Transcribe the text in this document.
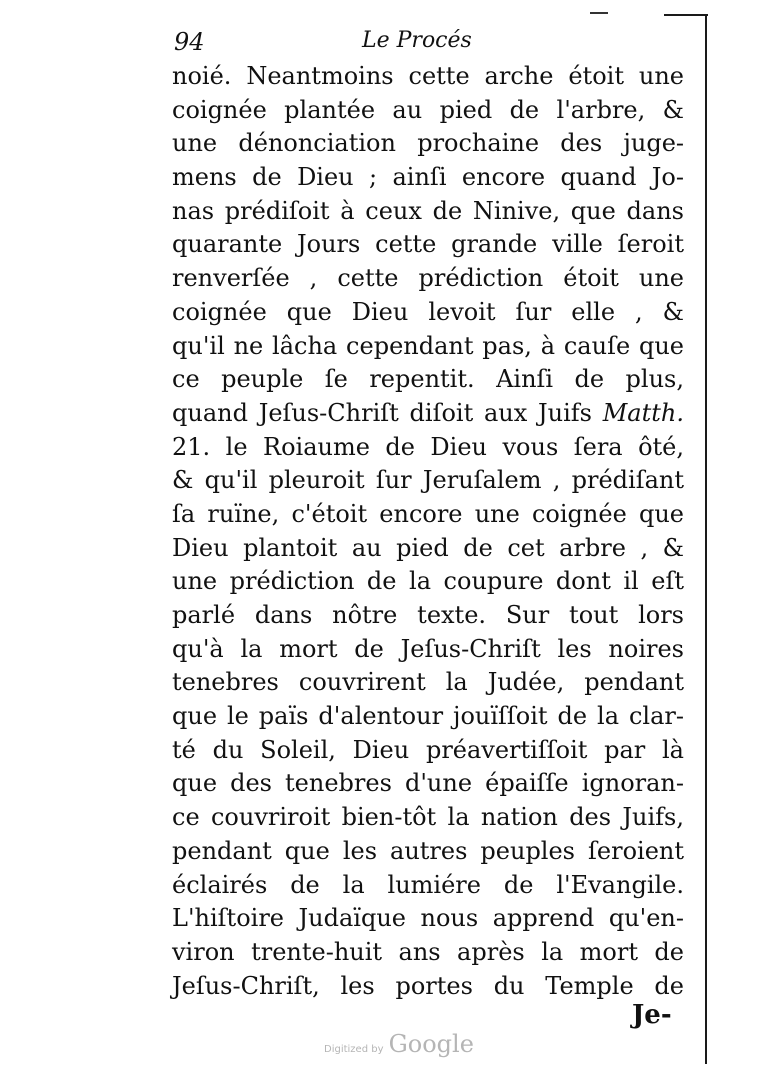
94	Le Procés
noié. Neantmoins cette arche étoit une
coignée plantée au pied de l'arbre, &
une dénonciation prochaine des juge-
mens de Dieu ; ainſi encore quand Jo-
nas prédiſoit à ceux de Ninive, que dans
quarante Jours cette grande ville ſeroit
renverſée , cette prédiction étoit une
coignée que Dieu levoit ſur elle , &
qu'il ne lâcha cependant pas, à cauſe que
ce peuple ſe repentit. Ainſi de plus,
quand Jeſus-Chriſt diſoit aux Juifs Matth.
21. le Roiaume de Dieu vous ſera ôté,
& qu'il pleuroit ſur Jeruſalem , prédiſant
ſa ruïne, c'étoit encore une coignée que
Dieu plantoit au pied de cet arbre , &
une prédiction de la coupure dont il eſt
parlé dans nôtre texte. Sur tout lors
qu'à la mort de Jeſus-Chriſt les noires
tenebres couvrirent la Judée, pendant
que le païs d'alentour jouïſſoit de la clar-
té du Soleil, Dieu préavertiſſoit par là
que des tenebres d'une épaiſſe ignoran-
ce couvriroit bien-tôt la nation des Juifs,
pendant que les autres peuples ſeroient
éclairés de la lumiére de l'Evangile.
L'hiſtoire Judaïque nous apprend qu'en-
viron trente-huit ans après la mort de
Jeſus-Chriſt, les portes du Temple de
Je-
Digitized by Google
